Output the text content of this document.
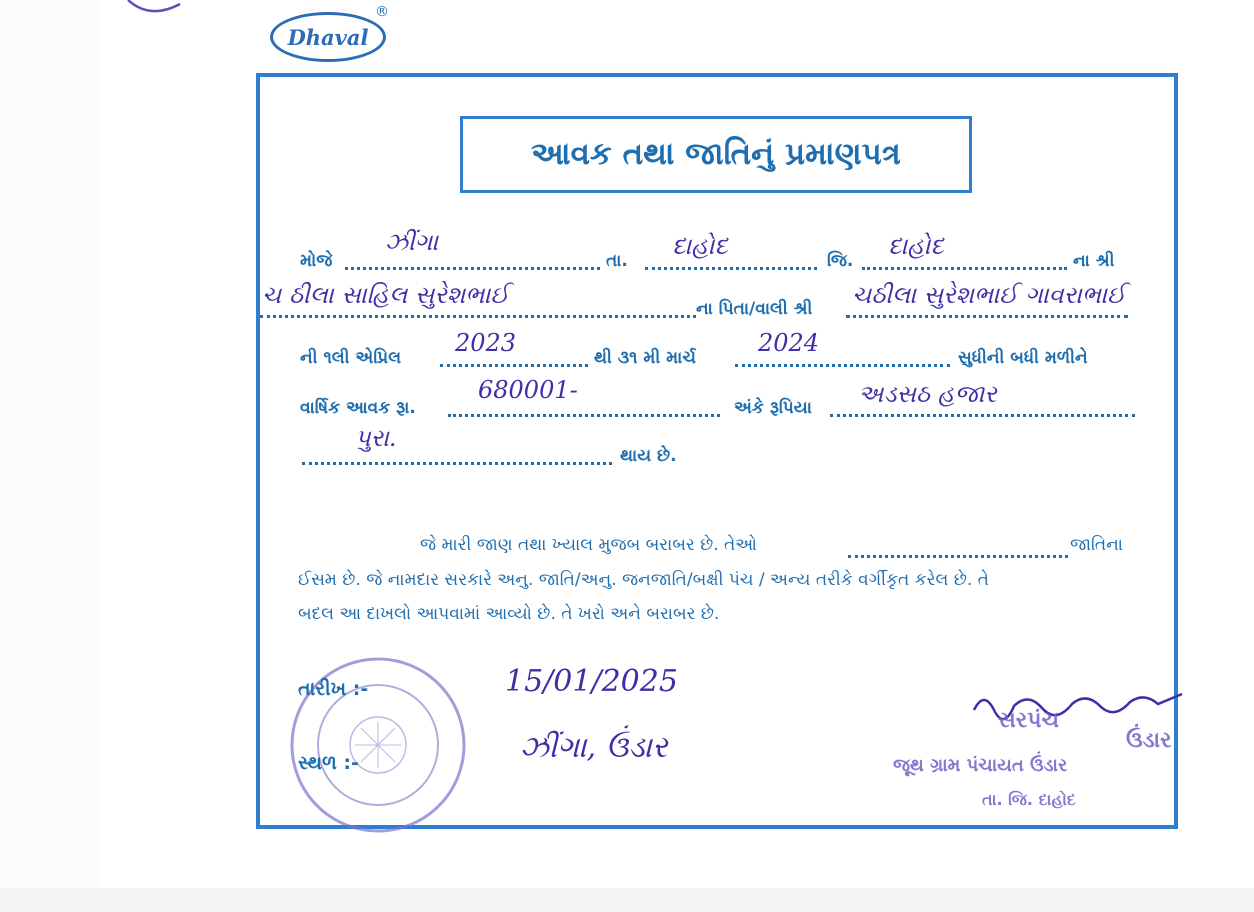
Dhaval
®
આવક તથા જાતિનું પ્રમાણપત્ર
મોજે
ઝીંગા
તા.
દાહોદ
જિ.
દાહોદ
ના શ્રી
ચ ઠીલા સાહિલ સુરેશભાઈ	ના પિતા/વાલી શ્રી ચઠીલા સુરેશભાઈ ગાવરાભાઈ
ની ૧લી એપ્રિલ
2023
થી ૩૧ મી માર્ચ
2024
સુધીની બધી મળીને
વાર્ષિક આવક રૂા.
680001-
અંકે રૂપિયા અડસઠ હજાર
પુરા.
થાય છે.
જે મારી જાણ તથા ખ્યાલ મુજબ બરાબર છે. તેઓ	જાતિના
ઈસમ છે. જે નામદાર સરકારે અનુ. જાતિ/અનુ. જનજાતિ/બક્ષી પંચ / અન્ય તરીકે વર્ગીકૃત કરેલ છે. તે
બદલ આ દાખલો આપવામાં આવ્યો છે. તે ખરો અને બરાબર છે.
તારીખ :-	15/01/2025
સ્થળ :-	ઝીંગા, ઉંડાર
સરપંચ
ઉંડાર
જૂથ ગ્રામ પંચાયત ઉંડાર
તા. જિ. દાહોદ
